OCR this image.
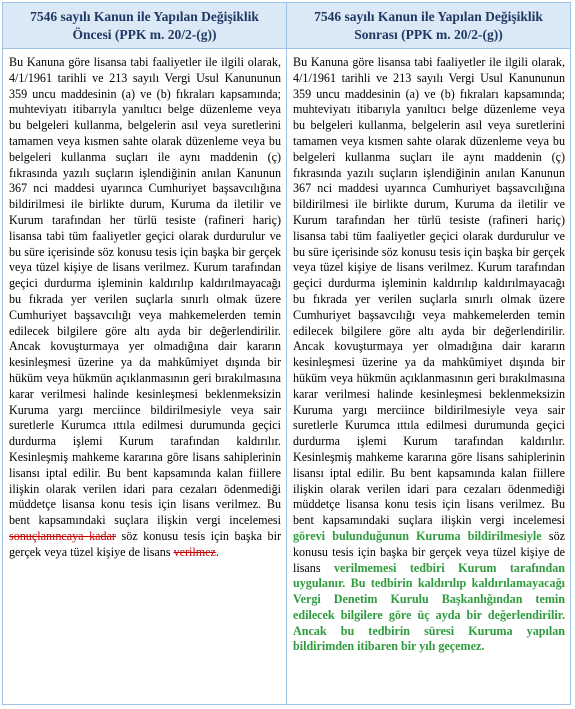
7546 sayılı Kanun ile Yapılan Değişiklik Öncesi (PPK m. 20/2-(g))

Bu Kanuna göre lisansa tabi faaliyetler ile ilgili olarak, 4/1/1961 tarihli ve 213 sayılı Vergi Usul Kanununun 359 uncu maddesinin (a) ve (b) fıkraları kapsamında; muhteviyatı itibarıyla yanıltıcı belge düzenleme veya bu belgeleri kullanma, belgelerin asıl veya suretlerini tamamen veya kısmen sahte olarak düzenleme veya bu belgeleri kullanma suçları ile aynı maddenin (ç) fıkrasında yazılı suçların işlendiğinin anılan Kanunun 367 nci maddesi uyarınca Cumhuriyet başsavcılığına bildirilmesi ile birlikte durum, Kuruma da iletilir ve Kurum tarafından her türlü tesiste (rafineri hariç) lisansa tabi tüm faaliyetler geçici olarak durdurulur ve bu süre içerisinde söz konusu tesis için başka bir gerçek veya tüzel kişiye de lisans verilmez. Kurum tarafından geçici durdurma işleminin kaldırılıp kaldırılmayacağı bu fıkrada yer verilen suçlarla sınırlı olmak üzere Cumhuriyet başsavcılığı veya mahkemelerden temin edilecek bilgilere göre altı ayda bir değerlendirilir. Ancak kovuşturmaya yer olmadığına dair kararın kesinleşmesi üzerine ya da mahkûmiyet dışında bir hüküm veya hükmün açıklanmasının geri bırakılmasına karar verilmesi halinde kesinleşmesi beklenmeksizin Kuruma yargı merciince bildirilmesiyle veya sair suretlerle Kurumca ıttıla edilmesi durumunda geçici durdurma işlemi Kurum tarafından kaldırılır. Kesinleşmiş mahkeme kararına göre lisans sahiplerinin lisansı iptal edilir. Bu bent kapsamında kalan fiillere ilişkin olarak verilen idari para cezaları ödenmediği müddetçe lisansa konu tesis için lisans verilmez. Bu bent kapsamındaki suçlara ilişkin vergi incelemesi sonuçlanıncaya kadar söz konusu tesis için başka bir gerçek veya tüzel kişiye de lisans verilmez.

7546 sayılı Kanun ile Yapılan Değişiklik Sonrası (PPK m. 20/2-(g))

Bu Kanuna göre lisansa tabi faaliyetler ile ilgili olarak, 4/1/1961 tarihli ve 213 sayılı Vergi Usul Kanununun 359 uncu maddesinin (a) ve (b) fıkraları kapsamında; muhteviyatı itibarıyla yanıltıcı belge düzenleme veya bu belgeleri kullanma, belgelerin asıl veya suretlerini tamamen veya kısmen sahte olarak düzenleme veya bu belgeleri kullanma suçları ile aynı maddenin (ç) fıkrasında yazılı suçların işlendiğinin anılan Kanunun 367 nci maddesi uyarınca Cumhuriyet başsavcılığına bildirilmesi ile birlikte durum, Kuruma da iletilir ve Kurum tarafından her türlü tesiste (rafineri hariç) lisansa tabi tüm faaliyetler geçici olarak durdurulur ve bu süre içerisinde söz konusu tesis için başka bir gerçek veya tüzel kişiye de lisans verilmez. Kurum tarafından geçici durdurma işleminin kaldırılıp kaldırılmayacağı bu fıkrada yer verilen suçlarla sınırlı olmak üzere Cumhuriyet başsavcılığı veya mahkemelerden temin edilecek bilgilere göre altı ayda bir değerlendirilir. Ancak kovuşturmaya yer olmadığına dair kararın kesinleşmesi üzerine ya da mahkûmiyet dışında bir hüküm veya hükmün açıklanmasının geri bırakılmasına karar verilmesi halinde kesinleşmesi beklenmeksizin Kuruma yargı merciince bildirilmesiyle veya sair suretlerle Kurumca ıttıla edilmesi durumunda geçici durdurma işlemi Kurum tarafından kaldırılır. Kesinleşmiş mahkeme kararına göre lisans sahiplerinin lisansı iptal edilir. Bu bent kapsamında kalan fiillere ilişkin olarak verilen idari para cezaları ödenmediği müddetçe lisansa konu tesis için lisans verilmez. Bu bent kapsamındaki suçlara ilişkin vergi incelemesi görevi bulunduğunun Kuruma bildirilmesiyle söz konusu tesis için başka bir gerçek veya tüzel kişiye de lisans verilmemesi tedbiri Kurum tarafından uygulanır. Bu tedbirin kaldırılıp kaldırılamayacağı Vergi Denetim Kurulu Başkanlığından temin edilecek bilgilere göre üç ayda bir değerlendirilir. Ancak bu tedbirin süresi Kuruma yapılan bildirimden itibaren bir yılı geçemez.
